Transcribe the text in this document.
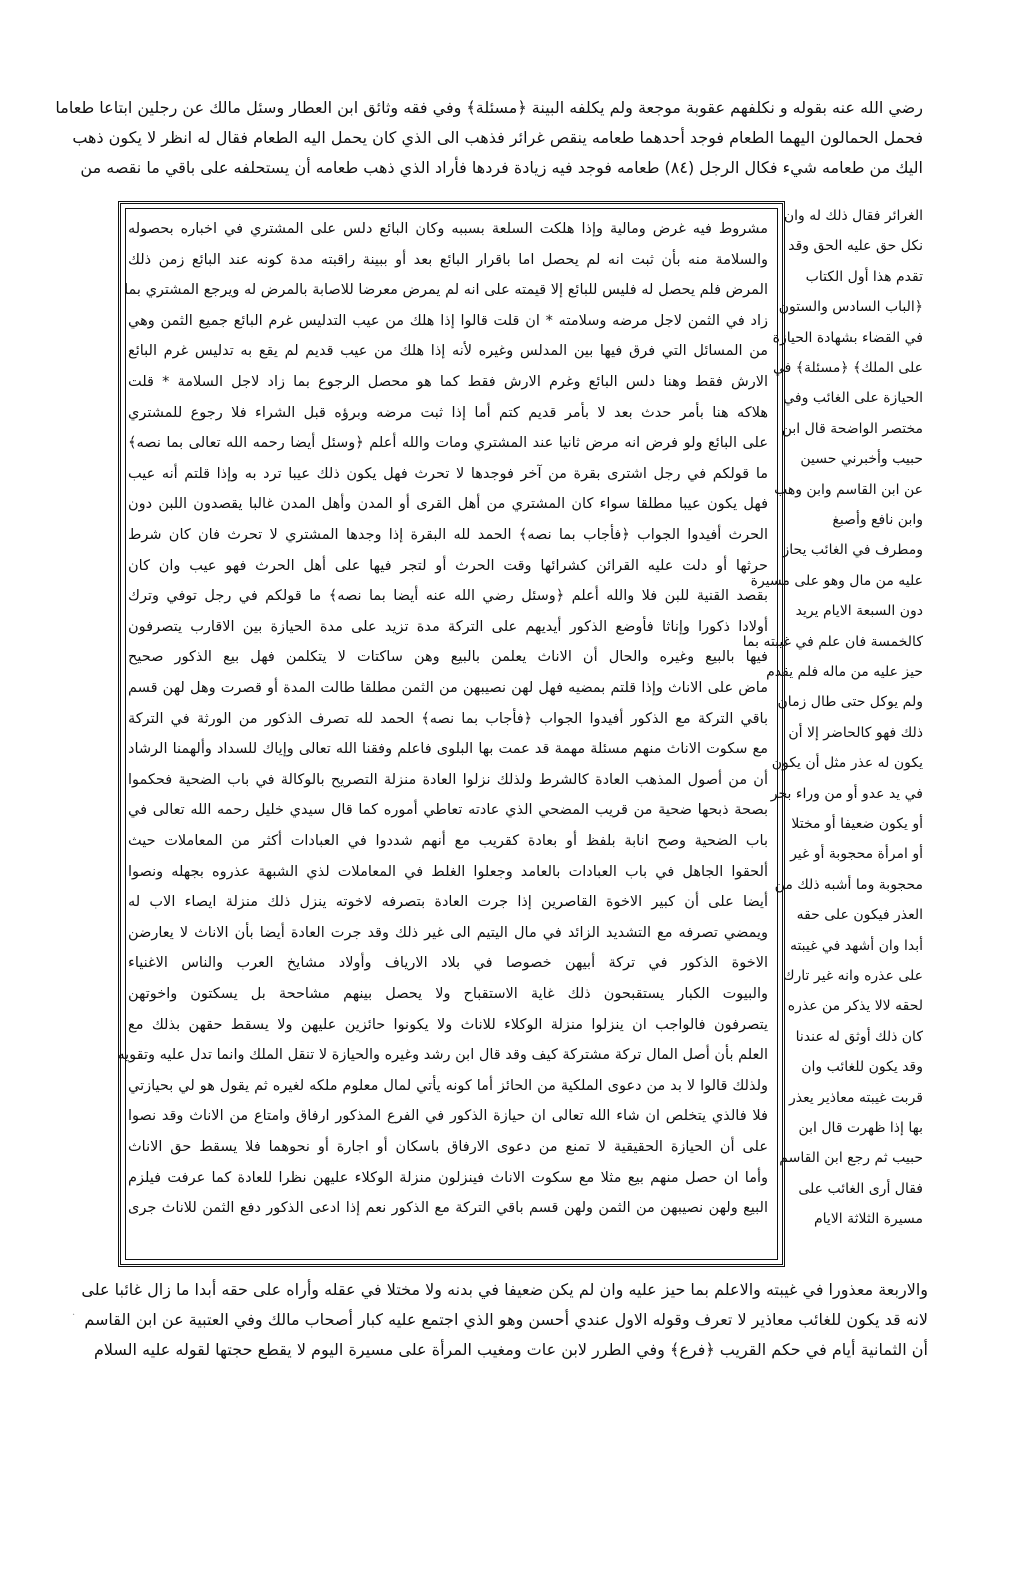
رضي الله عنه بقوله و نكلفهم عقوبة موجعة ولم يكلفه البينة ﴿مسئلة﴾ وفي فقه وثائق ابن العطار وسئل مالك عن رجلين ابتاعا طعاما
فحمل الحمالون اليهما الطعام فوجد أحدهما طعامه ينقص غرائر فذهب الى الذي كان يحمل اليه الطعام فقال له انظر لا يكون ذهب
اليك من طعامه شيء فكال الرجل (٨٤) طعامه فوجد فيه زيادة فردها فأراد الذي ذهب طعامه أن يستحلفه على باقي ما نقصه من
مشروط فيه غرض ومالية وإذا هلكت السلعة بسببه وكان البائع دلس على المشتري في اخباره بحصوله
والسلامة منه بأن ثبت انه لم يحصل اما باقرار البائع بعد أو ببينة راقبته مدة كونه عند البائع زمن ذلك
المرض فلم يحصل له فليس للبائع إلا قيمته على انه لم يمرض معرضا للاصابة بالمرض له ويرجع المشتري بما
زاد في الثمن لاجل مرضه وسلامته * ان قلت قالوا إذا هلك من عيب التدليس غرم البائع جميع الثمن وهي
من المسائل التي فرق فيها بين المدلس وغيره لأنه إذا هلك من عيب قديم لم يقع به تدليس غرم البائع
الارش فقط وهنا دلس البائع وغرم الارش فقط كما هو محصل الرجوع بما زاد لاجل السلامة * قلت
هلاكه هنا بأمر حدث بعد لا بأمر قديم كتم أما إذا ثبت مرضه وبرؤه قبل الشراء فلا رجوع للمشتري
على البائع ولو فرض انه مرض ثانيا عند المشتري ومات والله أعلم ﴿وسئل أيضا رحمه الله تعالى بما نصه﴾
ما قولكم في رجل اشترى بقرة من آخر فوجدها لا تحرث فهل يكون ذلك عيبا ترد به وإذا قلتم أنه عيب
فهل يكون عيبا مطلقا سواء كان المشتري من أهل القرى أو المدن وأهل المدن غالبا يقصدون اللبن دون
الحرث أفيدوا الجواب ﴿فأجاب بما نصه﴾ الحمد لله البقرة إذا وجدها المشتري لا تحرث فان كان شرط
حرثها أو دلت عليه القرائن كشرائها وقت الحرث أو لتجر فيها على أهل الحرث فهو عيب وان كان
بقصد القنية للبن فلا والله أعلم ﴿وسئل رضي الله عنه أيضا بما نصه﴾ ما قولكم في رجل توفي وترك
أولادا ذكورا وإناثا فأوضع الذكور أيديهم على التركة مدة تزيد على مدة الحيازة بين الاقارب يتصرفون
فيها بالبيع وغيره والحال أن الاناث يعلمن بالبيع وهن ساكتات لا يتكلمن فهل بيع الذكور صحيح
ماض على الاناث وإذا قلتم بمضيه فهل لهن نصيبهن من الثمن مطلقا طالت المدة أو قصرت وهل لهن قسم
باقي التركة مع الذكور أفيدوا الجواب ﴿فأجاب بما نصه﴾ الحمد لله تصرف الذكور من الورثة في التركة
مع سكوت الاناث منهم مسئلة مهمة قد عمت بها البلوى فاعلم وفقنا الله تعالى وإياك للسداد وألهمنا الرشاد
أن من أصول المذهب العادة كالشرط ولذلك نزلوا العادة منزلة التصريح بالوكالة في باب الضحية فحكموا
بصحة ذبحها ضحية من قريب المضحي الذي عادته تعاطي أموره كما قال سيدي خليل رحمه الله تعالى في
باب الضحية وصح انابة بلفظ أو بعادة كقريب مع أنهم شددوا في العبادات أكثر من المعاملات حيث
ألحقوا الجاهل في باب العبادات بالعامد وجعلوا الغلط في المعاملات لذي الشبهة عذروه بجهله ونصوا
أيضا على أن كبير الاخوة القاصرين إذا جرت العادة بتصرفه لاخوته ينزل ذلك منزلة ايصاء الاب له
ويمضي تصرفه مع التشديد الزائد في مال اليتيم الى غير ذلك وقد جرت العادة أيضا بأن الاناث لا يعارضن
الاخوة الذكور في تركة أبيهن خصوصا في بلاد الارياف وأولاد مشايخ العرب والناس الاغنياء
والبيوت الكبار يستقبحون ذلك غاية الاستقباح ولا يحصل بينهم مشاححة بل يسكتون واخوتهن
يتصرفون فالواجب ان ينزلوا منزلة الوكلاء للاناث ولا يكونوا حائزين عليهن ولا يسقط حقهن بذلك مع
العلم بأن أصل المال تركة مشتركة كيف وقد قال ابن رشد وغيره والحيازة لا تنقل الملك وانما تدل عليه وتقويه
ولذلك قالوا لا بد من دعوى الملكية من الحائز أما كونه يأتي لمال معلوم ملكه لغيره ثم يقول هو لي بحيازتي
فلا فالذي يتخلص ان شاء الله تعالى ان حيازة الذكور في الفرع المذكور ارفاق وامتاع من الاناث وقد نصوا
على أن الحيازة الحقيقية لا تمنع من دعوى الارفاق باسكان أو اجارة أو نحوهما فلا يسقط حق الاناث
وأما ان حصل منهم بيع مثلا مع سكوت الاناث فينزلون منزلة الوكلاء عليهن نظرا للعادة كما عرفت فيلزم
البيع ولهن نصيبهن من الثمن ولهن قسم باقي التركة مع الذكور نعم إذا ادعى الذكور دفع الثمن للاناث جرى
الغرائر فقال ذلك له وان
نكل حق عليه الحق وقد
تقدم هذا أول الكتاب
﴿الباب السادس والستون
في القضاء بشهادة الحيازة
على الملك﴾ ﴿مسئلة﴾ في
الحيازة على الغائب وفي
مختصر الواضحة قال ابن
حبيب وأخبرني حسين
عن ابن القاسم وابن وهب
وابن نافع وأصبغ
ومطرف في الغائب يحاز
عليه من مال وهو على مسيرة
دون السبعة الايام يريد
كالخمسة فان علم في غيبته بما
حيز عليه من ماله فلم يقدم
ولم يوكل حتى طال زمان
ذلك فهو كالحاضر إلا أن
يكون له عذر مثل أن يكون
في يد عدو أو من وراء بحر
أو يكون ضعيفا أو مختلا
أو امرأة محجوبة أو غير
محجوبة وما أشبه ذلك من
العذر فيكون على حقه
أبدا وان أشهد في غيبته
على عذره وانه غير تارك
لحقه لالا يذكر من عذره
كان ذلك أوثق له عندنا
وقد يكون للغائب وان
قربت غيبته معاذير يعذر
بها إذا ظهرت قال ابن
حبيب ثم رجع ابن القاسم
فقال أرى الغائب على
مسيرة الثلاثة الايام
والاربعة معذورا في غيبته والاعلم بما حيز عليه وان لم يكن ضعيفا في بدنه ولا مختلا في عقله وأراه على حقه أبدا ما زال غائبا على
لانه قد يكون للغائب معاذير لا تعرف وقوله الاول عندي أحسن وهو الذي اجتمع عليه كبار أصحاب مالك وفي العتبية عن ابن القاسم
أن الثمانية أيام في حكم القريب ﴿فرع﴾ وفي الطرر لابن عات ومغيب المرأة على مسيرة اليوم لا يقطع حجتها لقوله عليه السلام
·
